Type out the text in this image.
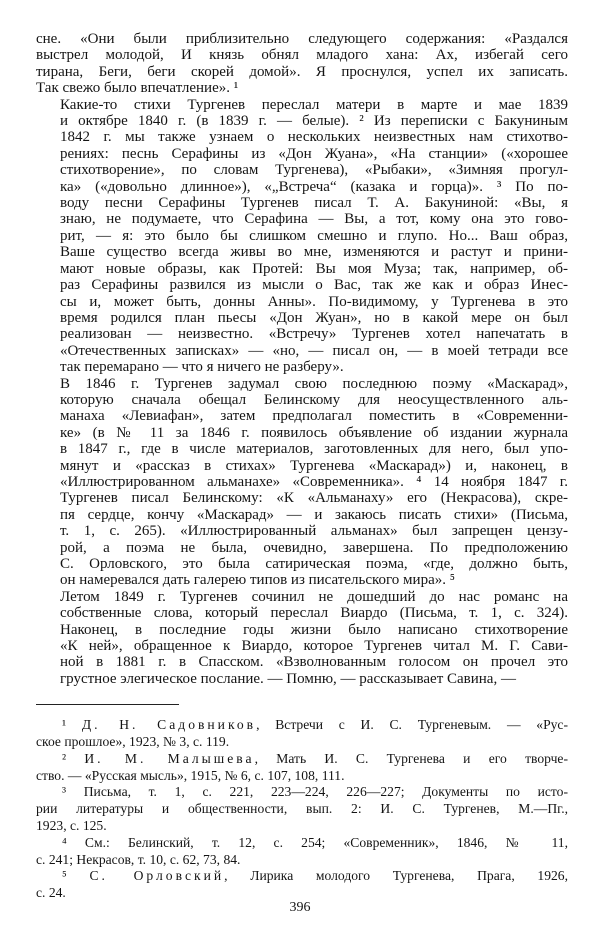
сне. «Они были приблизительно следующего содержания: «Раздался
выстрел молодой, И князь обнял младого хана: Ах, избегай сего
тирана, Беги, беги скорей домой». Я проснулся, успел их записать.
Так свежо было впечатление». ¹
Какие-то стихи Тургенев переслал матери в марте и мае 1839
и октябре 1840 г. (в 1839 г. — белые). ² Из переписки с Бакуниным
1842 г. мы также узнаем о нескольких неизвестных нам стихотво-
рениях: песнь Серафины из «Дон Жуана», «На станции» («хорошее
стихотворение», по словам Тургенева), «Рыбаки», «Зимняя прогул-
ка» («довольно длинное»), «„Встреча“ (казака и горца)». ³ По по-
воду песни Серафины Тургенев писал Т. А. Бакуниной: «Вы, я
знаю, не подумаете, что Серафина — Вы, а тот, кому она это гово-
рит, — я: это было бы слишком смешно и глупо. Но... Ваш образ,
Ваше существо всегда живы во мне, изменяются и растут и прини-
мают новые образы, как Протей: Вы моя Муза; так, например, об-
раз Серафины развился из мысли о Вас, так же как и образ Инес-
сы и, может быть, донны Анны». По-видимому, у Тургенева в это
время родился план пьесы «Дон Жуан», но в какой мере он был
реализован — неизвестно. «Встречу» Тургенев хотел напечатать в
«Отечественных записках» — «но, — писал он, — в моей тетради все
так перемарано — что я ничего не разберу».
В 1846 г. Тургенев задумал свою последнюю поэму «Маскарад»,
которую сначала обещал Белинскому для неосуществленного аль-
манаха «Левиафан», затем предполагал поместить в «Современни-
ке» (в № 11 за 1846 г. появилось объявление об издании журнала
в 1847 г., где в числе материалов, заготовленных для него, был упо-
мянут и «рассказ в стихах» Тургенева «Маскарад») и, наконец, в
«Иллюстрированном альманахе» «Современника». ⁴ 14 ноября 1847 г.
Тургенев писал Белинскому: «К «Альманаху» его (Некрасова), скре-
пя сердце, кончу «Маскарад» — и закаюсь писать стихи» (Письма,
т. 1, с. 265). «Иллюстрированный альманах» был запрещен цензу-
рой, а поэма не была, очевидно, завершена. По предположению
С. Орловского, это была сатирическая поэма, «где, должно быть,
он намеревался дать галерею типов из писательского мира». ⁵
Летом 1849 г. Тургенев сочинил не дошедший до нас романс на
собственные слова, который переслал Виардо (Письма, т. 1, с. 324).
Наконец, в последние годы жизни было написано стихотворение
«К ней», обращенное к Виардо, которое Тургенев читал М. Г. Сави-
ной в 1881 г. в Спасском. «Взволнованным голосом он прочел это
грустное элегическое послание. — Помню, — рассказывает Савина, —
¹ Д. Н. Садовников, Встречи с И. С. Тургеневым. — «Рус-
ское прошлое», 1923, № 3, с. 119.
² И. М. Малышева, Мать И. С. Тургенева и его творче-
ство. — «Русская мысль», 1915, № 6, с. 107, 108, 111.
³ Письма, т. 1, с. 221, 223—224, 226—227; Документы по исто-
рии литературы и общественности, вып. 2: И. С. Тургенев, М.—Пг.,
1923, с. 125.
⁴ См.: Белинский, т. 12, с. 254; «Современник», 1846, № 11,
с. 241; Некрасов, т. 10, с. 62, 73, 84.
⁵ С. Орловский, Лирика молодого Тургенева, Прага, 1926,
с. 24.
396
